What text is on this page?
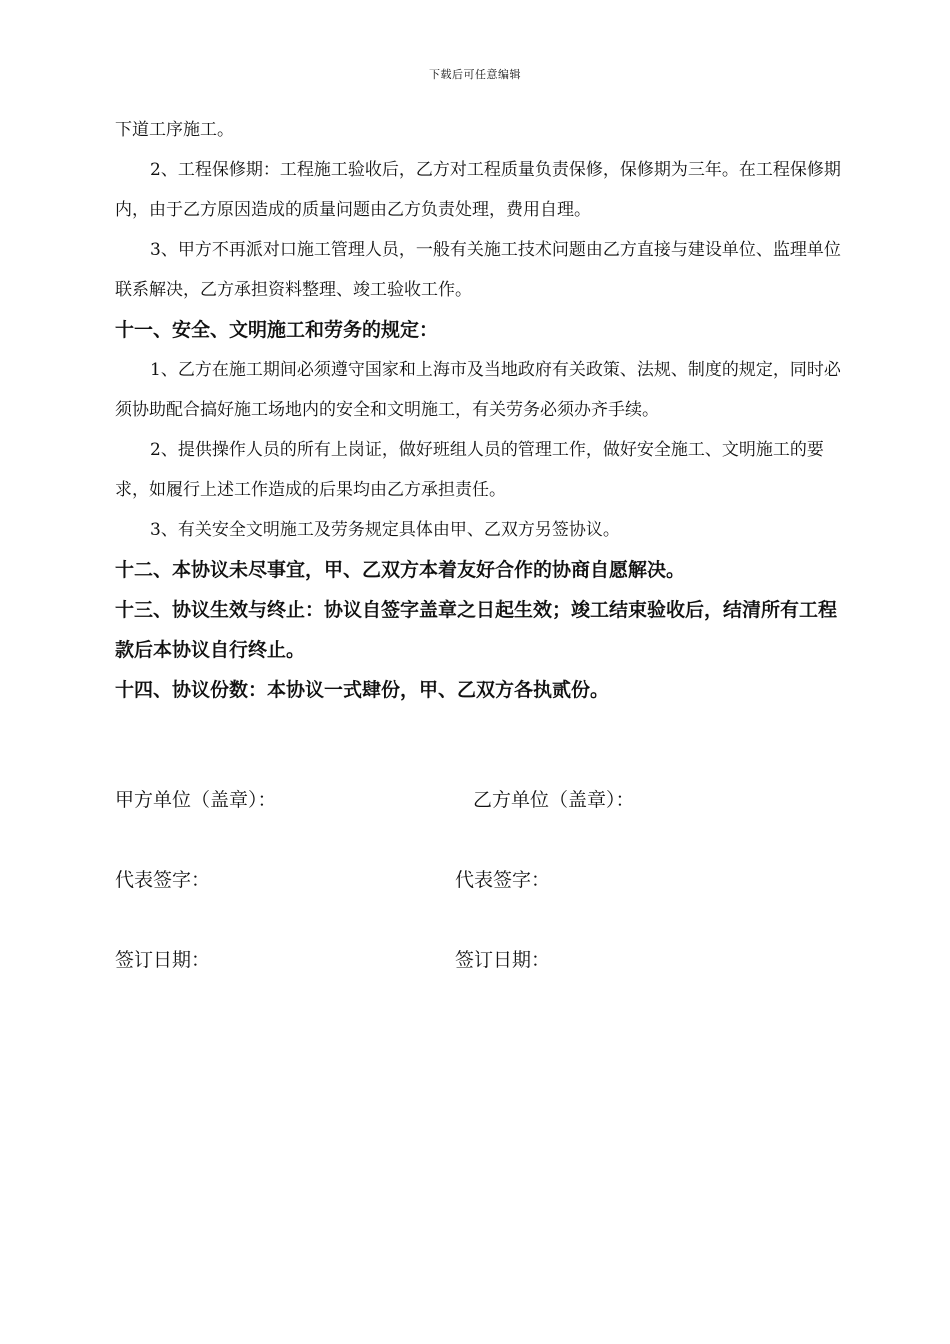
下载后可任意编辑

下道工序施工。

2、工程保修期：工程施工验收后，乙方对工程质量负责保修，保修期为三年。在工程保修期内，由于乙方原因造成的质量问题由乙方负责处理，费用自理。

3、甲方不再派对口施工管理人员，一般有关施工技术问题由乙方直接与建设单位、监理单位联系解决，乙方承担资料整理、竣工验收工作。

十一、安全、文明施工和劳务的规定：

1、乙方在施工期间必须遵守国家和上海市及当地政府有关政策、法规、制度的规定，同时必须协助配合搞好施工场地内的安全和文明施工，有关劳务必须办齐手续。

2、提供操作人员的所有上岗证，做好班组人员的管理工作，做好安全施工、文明施工的要求，如履行上述工作造成的后果均由乙方承担责任。

3、有关安全文明施工及劳务规定具体由甲、乙双方另签协议。

十二、本协议未尽事宜，甲、乙双方本着友好合作的协商自愿解决。

十三、协议生效与终止：协议自签字盖章之日起生效；竣工结束验收后，结清所有工程款后本协议自行终止。

十四、协议份数：本协议一式肆份，甲、乙双方各执贰份。

甲方单位（盖章）：	乙方单位（盖章）：
代表签字：	代表签字：
签订日期：	签订日期：
